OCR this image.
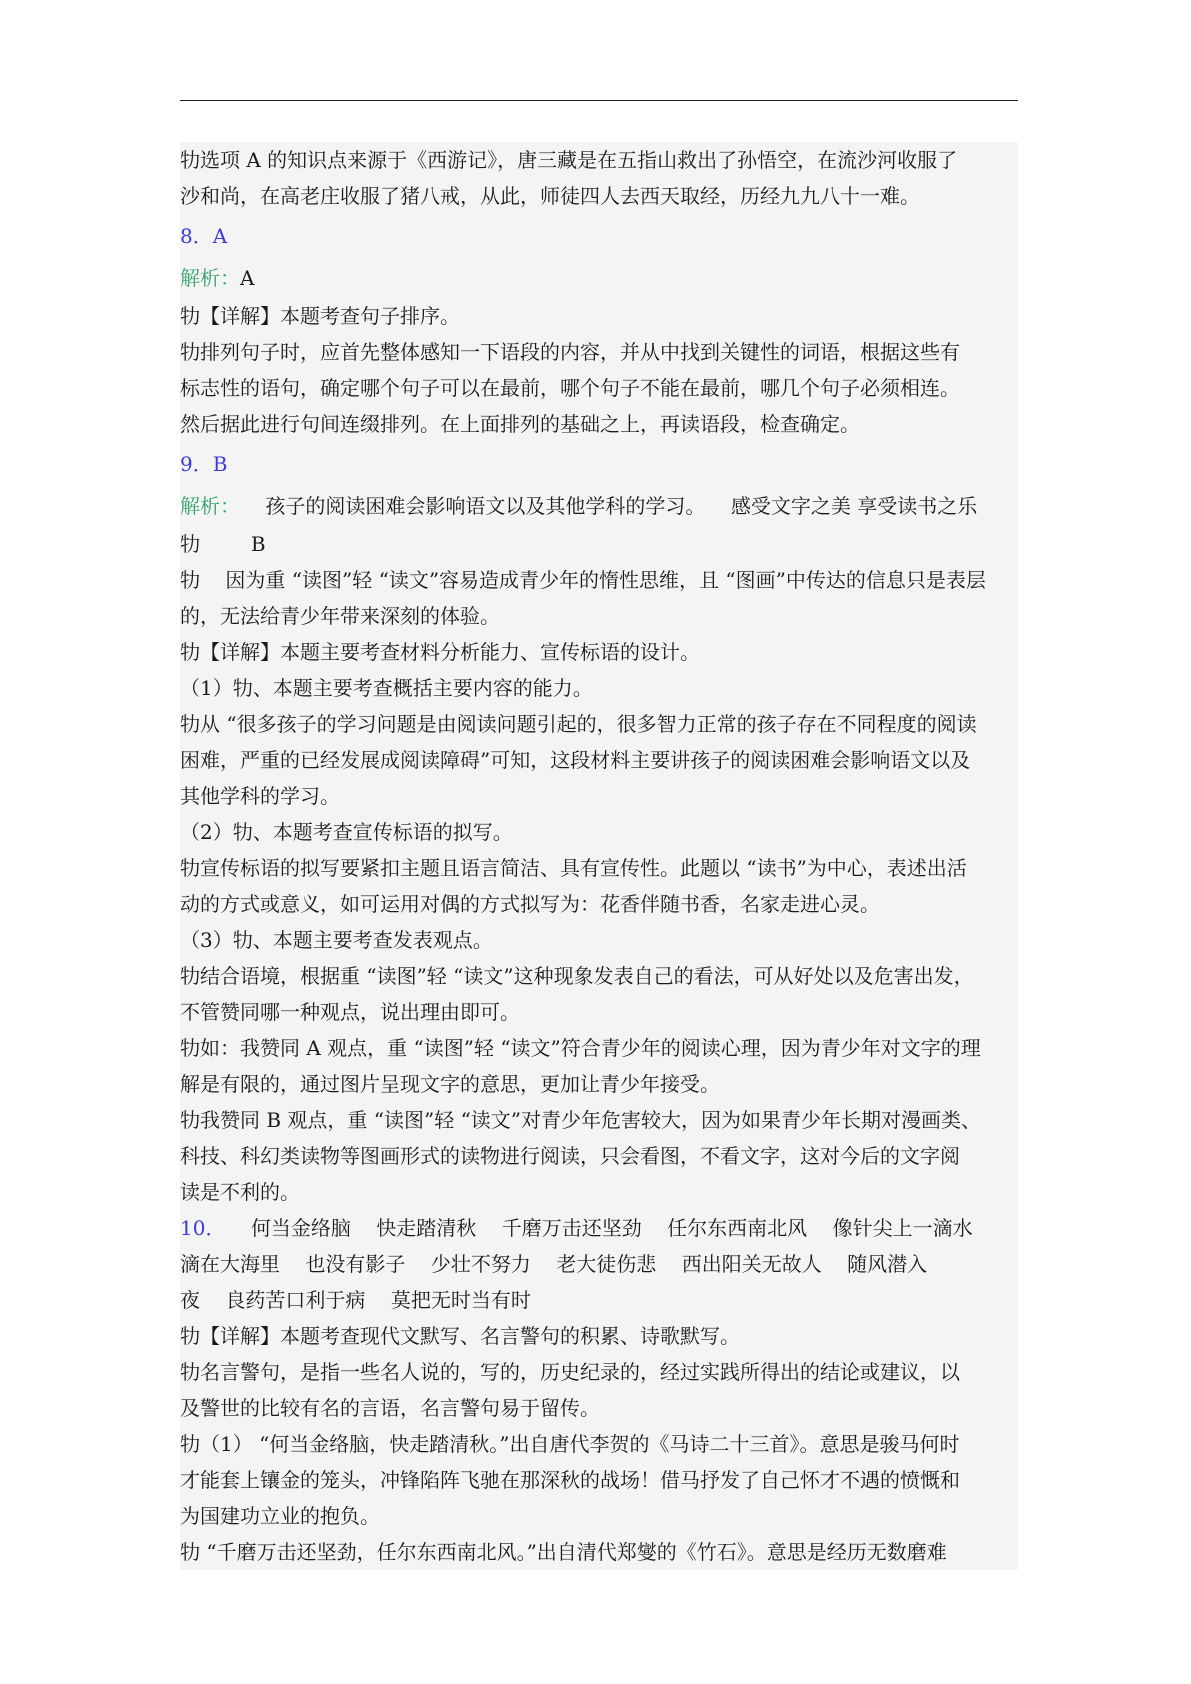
牞选项 A 的知识点来源于《西游记》，唐三藏是在五指山救出了孙悟空，在流沙河收服了
沙和尚，在高老庄收服了猪八戒，从此，师徒四人去西天取经，历经九九八十一难。
8．A
解析：A
牞【详解】本题考查句子排序。
牞排列句子时，应首先整体感知一下语段的内容，并从中找到关键性的词语，根据这些有
标志性的语句，确定哪个句子可以在最前，哪个句子不能在最前，哪几个句子必须相连。
然后据此进行句间连缀排列。在上面排列的基础之上，再读语段，检查确定。
9．B
解析：    孩子的阅读困难会影响语文以及其他学科的学习。    感受文字之美 享受读书之乐
牞        B
牞    因为重 “读图”轻 “读文”容易造成青少年的惰性思维，且 “图画”中传达的信息只是表层
的，无法给青少年带来深刻的体验。
牞【详解】本题主要考查材料分析能力、宣传标语的设计。
（1）牞、本题主要考查概括主要内容的能力。
牞从 “很多孩子的学习问题是由阅读问题引起的，很多智力正常的孩子存在不同程度的阅读
困难，严重的已经发展成阅读障碍”可知，这段材料主要讲孩子的阅读困难会影响语文以及
其他学科的学习。
（2）牞、本题考查宣传标语的拟写。
牞宣传标语的拟写要紧扣主题且语言简洁、具有宣传性。此题以 “读书”为中心，表述出活
动的方式或意义，如可运用对偶的方式拟写为：花香伴随书香，名家走进心灵。
（3）牞、本题主要考查发表观点。
牞结合语境，根据重 “读图”轻 “读文”这种现象发表自己的看法，可从好处以及危害出发，
不管赞同哪一种观点，说出理由即可。
牞如：我赞同 A 观点，重 “读图”轻 “读文”符合青少年的阅读心理，因为青少年对文字的理
解是有限的，通过图片呈现文字的意思，更加让青少年接受。
牞我赞同 B 观点，重 “读图”轻 “读文”对青少年危害较大，因为如果青少年长期对漫画类、
科技、科幻类读物等图画形式的读物进行阅读，只会看图，不看文字，这对今后的文字阅
读是不利的。
10．    何当金络脑    快走踏清秋    千磨万击还坚劲    任尔东西南北风    像针尖上一滴水
滴在大海里    也没有影子    少壮不努力    老大徒伤悲    西出阳关无故人    随风潜入
夜    良药苦口利于病    莫把无时当有时
牞【详解】本题考查现代文默写、名言警句的积累、诗歌默写。
牞名言警句，是指一些名人说的，写的，历史纪录的，经过实践所得出的结论或建议，以
及警世的比较有名的言语，名言警句易于留传。
牞（1） “何当金络脑，快走踏清秋。”出自唐代李贺的《马诗二十三首》。意思是骏马何时
才能套上镶金的笼头，冲锋陷阵飞驰在那深秋的战场！借马抒发了自己怀才不遇的愤慨和
为国建功立业的抱负。
牞 “千磨万击还坚劲，任尔东西南北风。”出自清代郑燮的《竹石》。意思是经历无数磨难
